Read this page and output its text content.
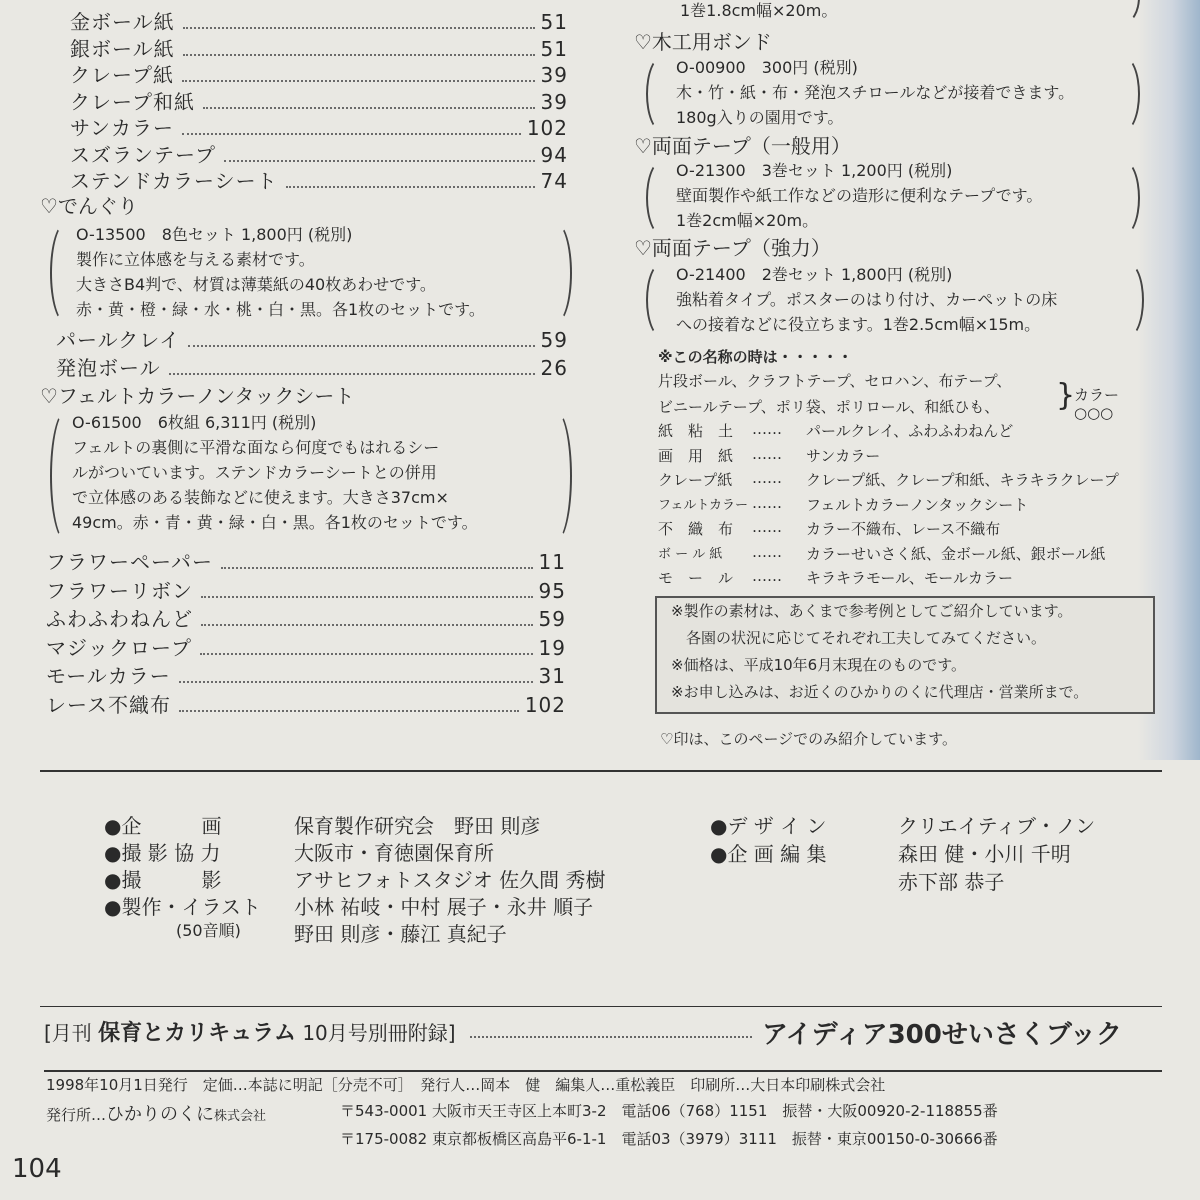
金ボール紙	51
銀ボール紙	51
クレープ紙	39
クレープ和紙	39
サンカラー	102
スズランテープ	94
ステンドカラーシート	74
♡でんぐり
O-13500　8色セット 1,800円 (税別)
製作に立体感を与える素材です。
大きさB4判で、材質は薄葉紙の40枚あわせです。
赤・黄・橙・緑・水・桃・白・黒。各1枚のセットです。
パールクレイ	59
発泡ボール	26
♡フェルトカラーノンタックシート
O-61500　6枚組 6,311円 (税別)
フェルトの裏側に平滑な面なら何度でもはれるシー
ルがついています。ステンドカラーシートとの併用
で立体感のある装飾などに使えます。大きさ37cm×
49cm。赤・青・黄・緑・白・黒。各1枚のセットです。
フラワーペーパー	11
フラワーリボン	95
ふわふわねんど	59
マジックロープ	19
モールカラー	31
レース不織布	102
1巻1.8cm幅×20m。
♡木工用ボンド
O-00900　300円 (税別)
木・竹・紙・布・発泡スチロールなどが接着できます。
180g入りの園用です。
♡両面テープ（一般用）
O-21300　3巻セット 1,200円 (税別)
壁面製作や紙工作などの造形に便利なテープです。
1巻2cm幅×20m。
♡両面テープ（強力）
O-21400　2巻セット 1,800円 (税別)
強粘着タイプ。ポスターのはり付け、カーペットの床
への接着などに役立ちます。1巻2.5cm幅×15m。
※この名称の時は・・・・・
片段ボール、クラフトテープ、セロハン、布テープ、
ビニールテープ、ポリ袋、ポリロール、和紙ひも、 }
カラー
○○○
紙　粘　土 …… パールクレイ、ふわふわねんど
画　用　紙 …… サンカラー
クレープ紙 …… クレープ紙、クレープ和紙、キラキラクレープ
フェルトカラー …… フェルトカラーノンタックシート
不　織　布 …… カラー不織布、レース不織布
ボ ー ル 紙 …… カラーせいさく紙、金ボール紙、銀ボール紙
モ　ー　ル …… キラキラモール、モールカラー
※製作の素材は、あくまで参考例としてご紹介しています。
　各園の状況に応じてそれぞれ工夫してみてください。
※価格は、平成10年6月末現在のものです。
※お申し込みは、お近くのひかりのくに代理店・営業所まで。
♡印は、このページでのみ紹介しています。
●企　　　画	保育製作研究会　野田 則彦
●撮 影 協 力	大阪市・育徳園保育所
●撮　　　影	アサヒフォトスタジオ 佐久間 秀樹
●製作・イラスト 小林 祐岐・中村 展子・永井 順子
(50音順)	野田 則彦・藤江 真紀子
●デ ザ イ ン	クリエイティブ・ノン
●企 画 編 集	森田 健・小川 千明
赤下部 恭子
[月刊 保育とカリキュラム 10月号別冊附録]	アイディア300せいさくブック
1998年10月1日発行　定価…本誌に明記［分売不可］　発行人…岡本　健　編集人…重松義臣　印刷所…大日本印刷株式会社
発行所…ひかりのくに株式会社	〒543-0001 大阪市天王寺区上本町3-2　電話06（768）1151　振替・大阪00920-2-118855番
〒175-0082 東京都板橋区高島平6-1-1　電話03（3979）3111　振替・東京00150-0-30666番
104
